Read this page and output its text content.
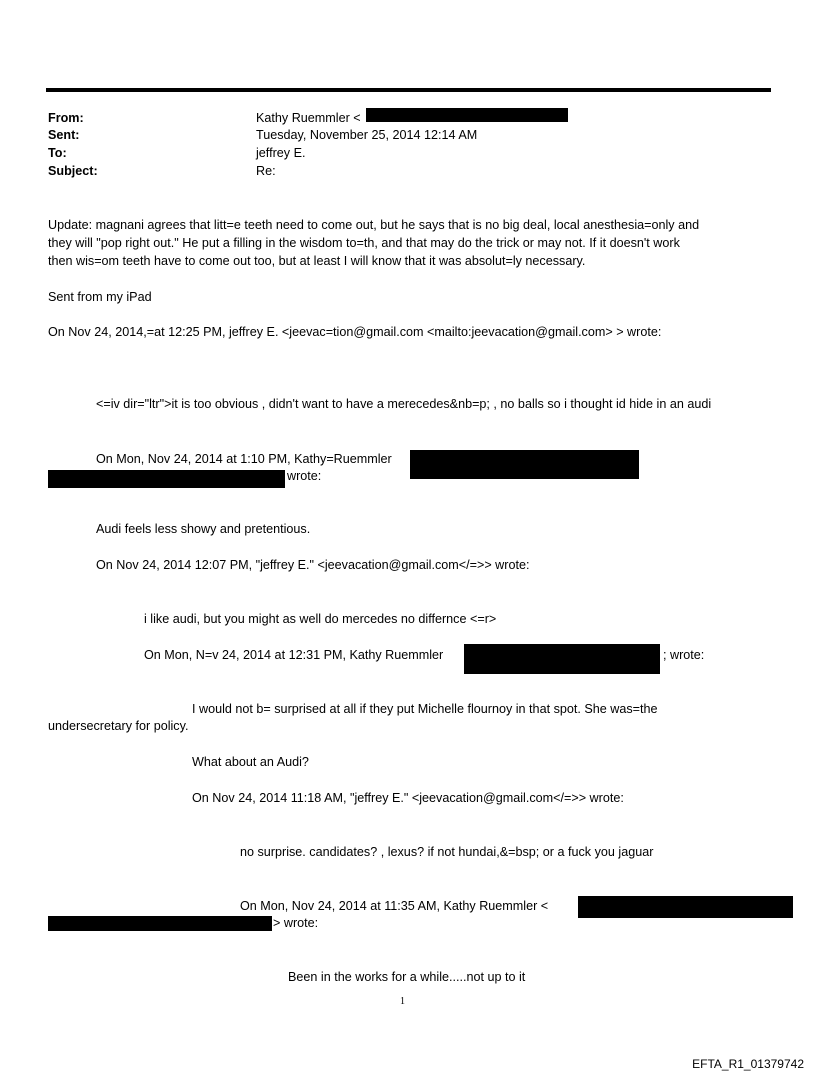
From:	Kathy Ruemmler <
Sent:	Tuesday, November 25, 2014 12:14 AM
To:	jeffrey E.
Subject:	Re:
Update: magnani agrees that litt=e teeth need to come out, but he says that is no big deal, local anesthesia=only and
they will "pop right out." He put a filling in the wisdom to=th, and that may do the trick or may not. If it doesn't work
then wis=om teeth have to come out too, but at least I will know that it was absolut=ly necessary.
Sent from my iPad
On Nov 24, 2014,=at 12:25 PM, jeffrey E. <jeevac=tion@gmail.com <mailto:jeevacation@gmail.com> > wrote:
<=iv dir="ltr">it is too obvious , didn't want to have a merecedes&nb=p; , no balls so i thought id hide in an audi
On Mon, Nov 24, 2014 at 1:10 PM, Kathy=Ruemmler
wrote:
Audi feels less showy and pretentious.
On Nov 24, 2014 12:07 PM, "jeffrey E." <jeevacation@gmail.com</=>> wrote:
i like audi, but you might as well do mercedes no differnce <=r>
On Mon, N=v 24, 2014 at 12:31 PM, Kathy Ruemmler	; wrote:
I would not b= surprised at all if they put Michelle flournoy in that spot. She was=the
undersecretary for policy.
What about an Audi?
On Nov 24, 2014 11:18 AM, "jeffrey E." <jeevacation@gmail.com</=>> wrote:
no surprise. candidates? , lexus? if not hundai,&=bsp; or a fuck you jaguar
On Mon, Nov 24, 2014 at 11:35 AM, Kathy Ruemmler <
> wrote:
Been in the works for a while.....not up to it
1
EFTA_R1_01379742
